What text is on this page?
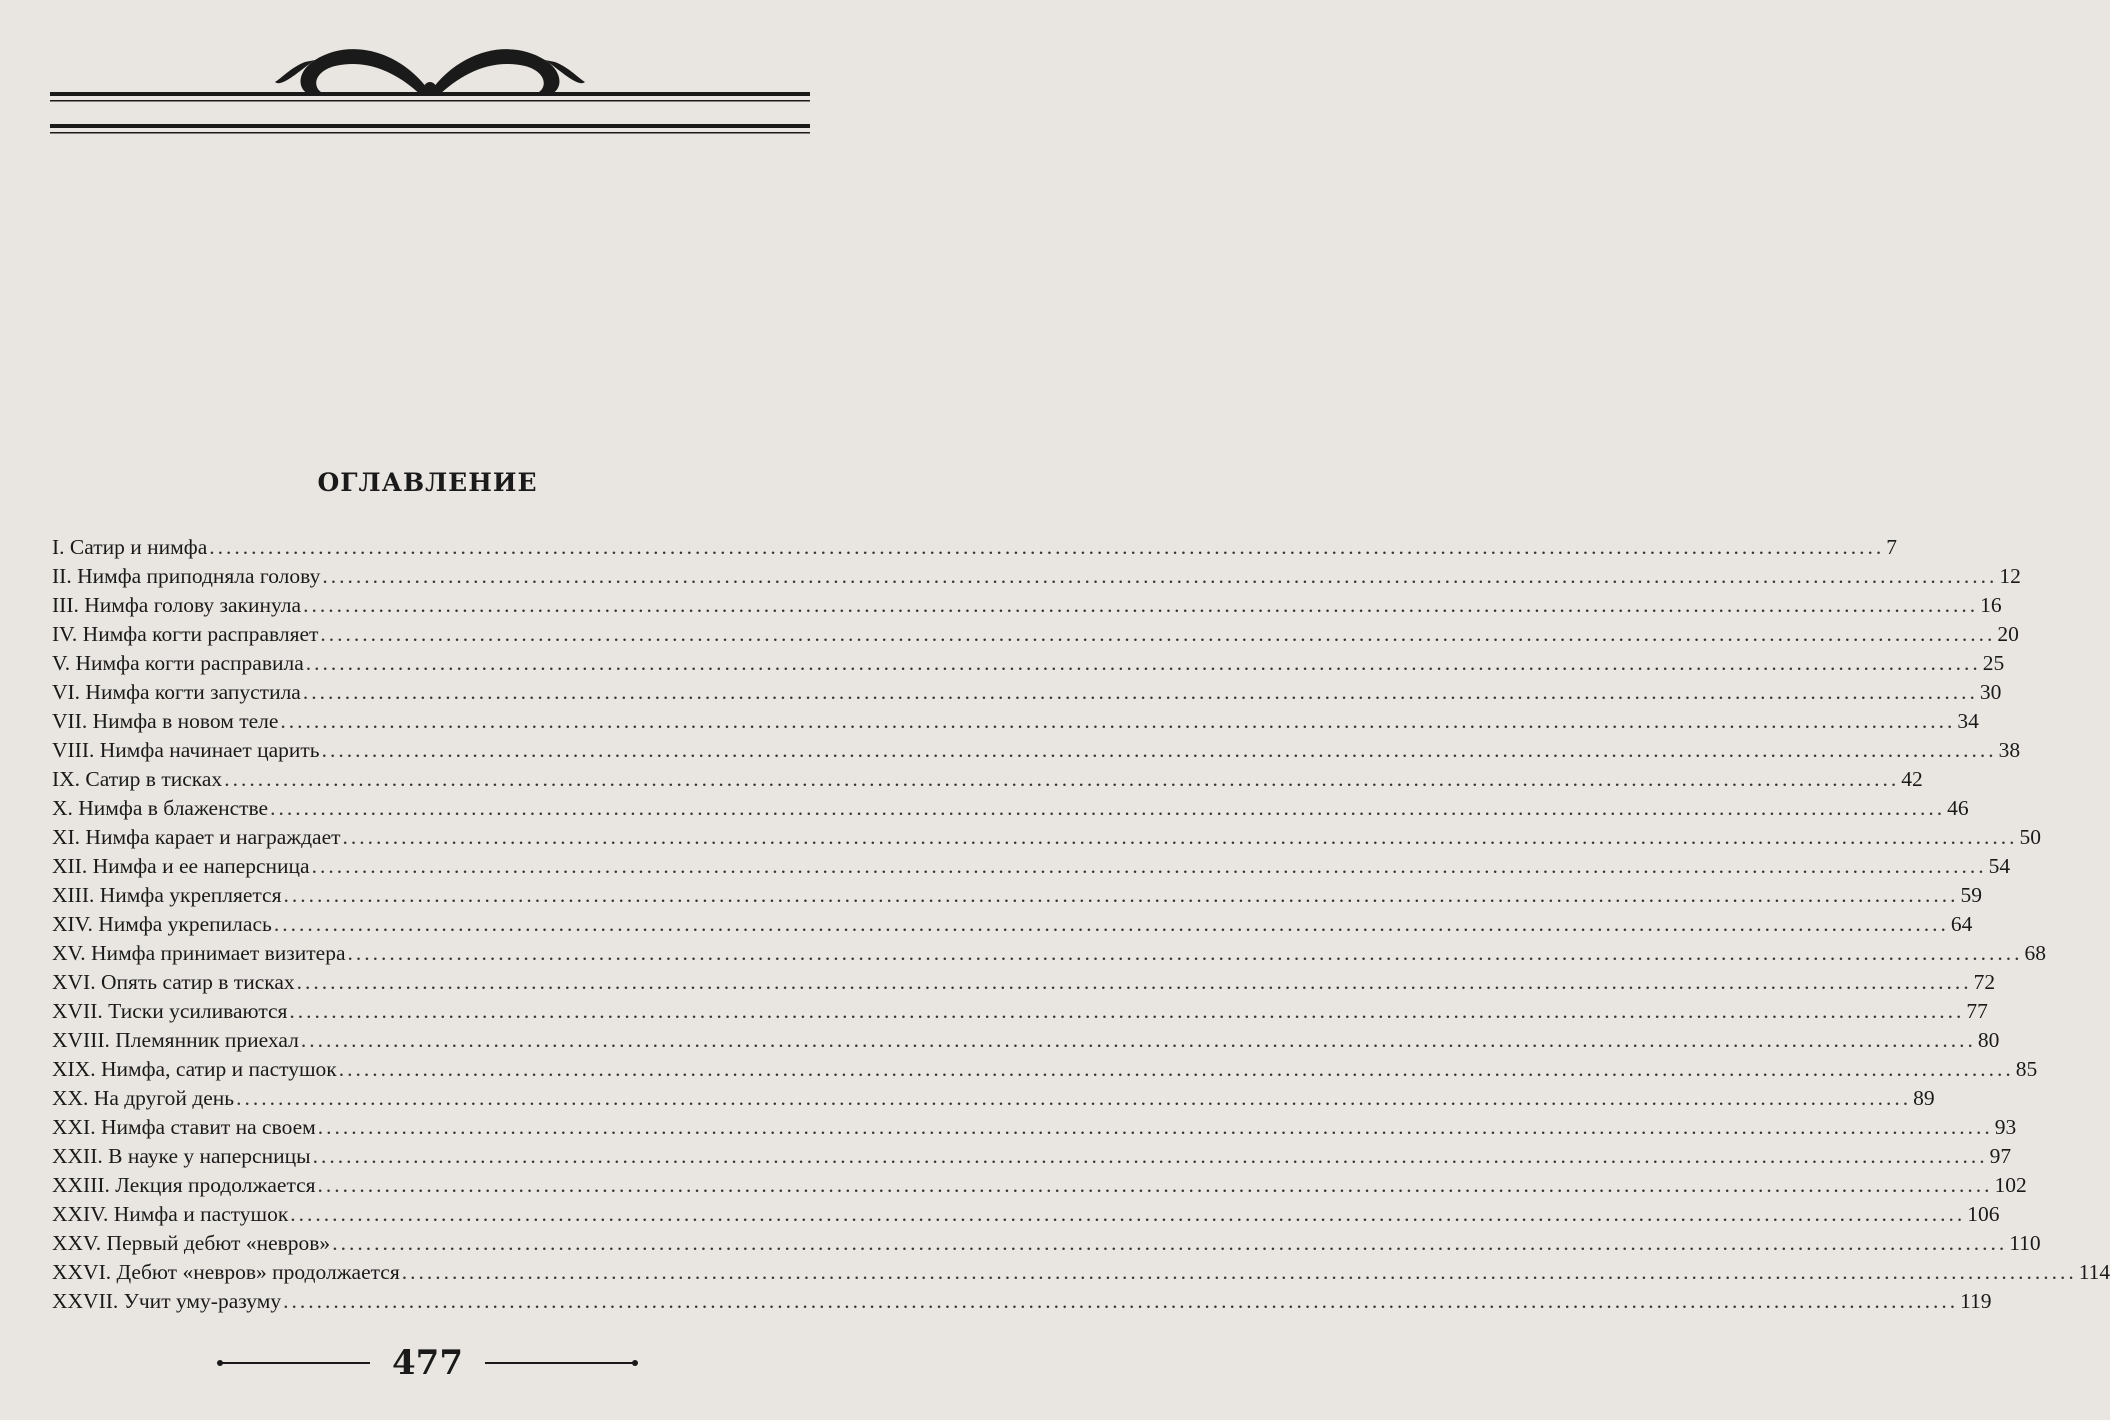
ОГЛАВЛЕНИЕ
I. Сатир и нимфа ........................................................................................................................................................................................................ 7
II. Нимфа приподняла голову ........................................................................................................................................................................................................ 12
III. Нимфа голову закинула ........................................................................................................................................................................................................ 16
IV. Нимфа когти расправляет ........................................................................................................................................................................................................ 20
V. Нимфа когти расправила ........................................................................................................................................................................................................ 25
VI. Нимфа когти запустила ........................................................................................................................................................................................................ 30
VII. Нимфа в новом теле ........................................................................................................................................................................................................ 34
VIII. Нимфа начинает царить ........................................................................................................................................................................................................ 38
IX. Сатир в тисках ........................................................................................................................................................................................................ 42
X. Нимфа в блаженстве ........................................................................................................................................................................................................ 46
XI. Нимфа карает и награждает ........................................................................................................................................................................................................ 50
XII. Нимфа и ее наперсница ........................................................................................................................................................................................................ 54
XIII. Нимфа укрепляется ........................................................................................................................................................................................................ 59
XIV. Нимфа укрепилась ........................................................................................................................................................................................................ 64
XV. Нимфа принимает визитера ........................................................................................................................................................................................................ 68
XVI. Опять сатир в тисках ........................................................................................................................................................................................................ 72
XVII. Тиски усиливаются ........................................................................................................................................................................................................ 77
XVIII. Племянник приехал ........................................................................................................................................................................................................ 80
XIX. Нимфа, сатир и пастушок ........................................................................................................................................................................................................ 85
XX. На другой день ........................................................................................................................................................................................................ 89
XXI. Нимфа ставит на своем ........................................................................................................................................................................................................ 93
XXII. В науке у наперсницы ........................................................................................................................................................................................................ 97
XXIII. Лекция продолжается ........................................................................................................................................................................................................ 102
XXIV. Нимфа и пастушок ........................................................................................................................................................................................................ 106
XXV. Первый дебют «невров» ........................................................................................................................................................................................................ 110
XXVI. Дебют «невров» продолжается ........................................................................................................................................................................................................ 114
XXVII. Учит уму-разуму ........................................................................................................................................................................................................ 119
477
